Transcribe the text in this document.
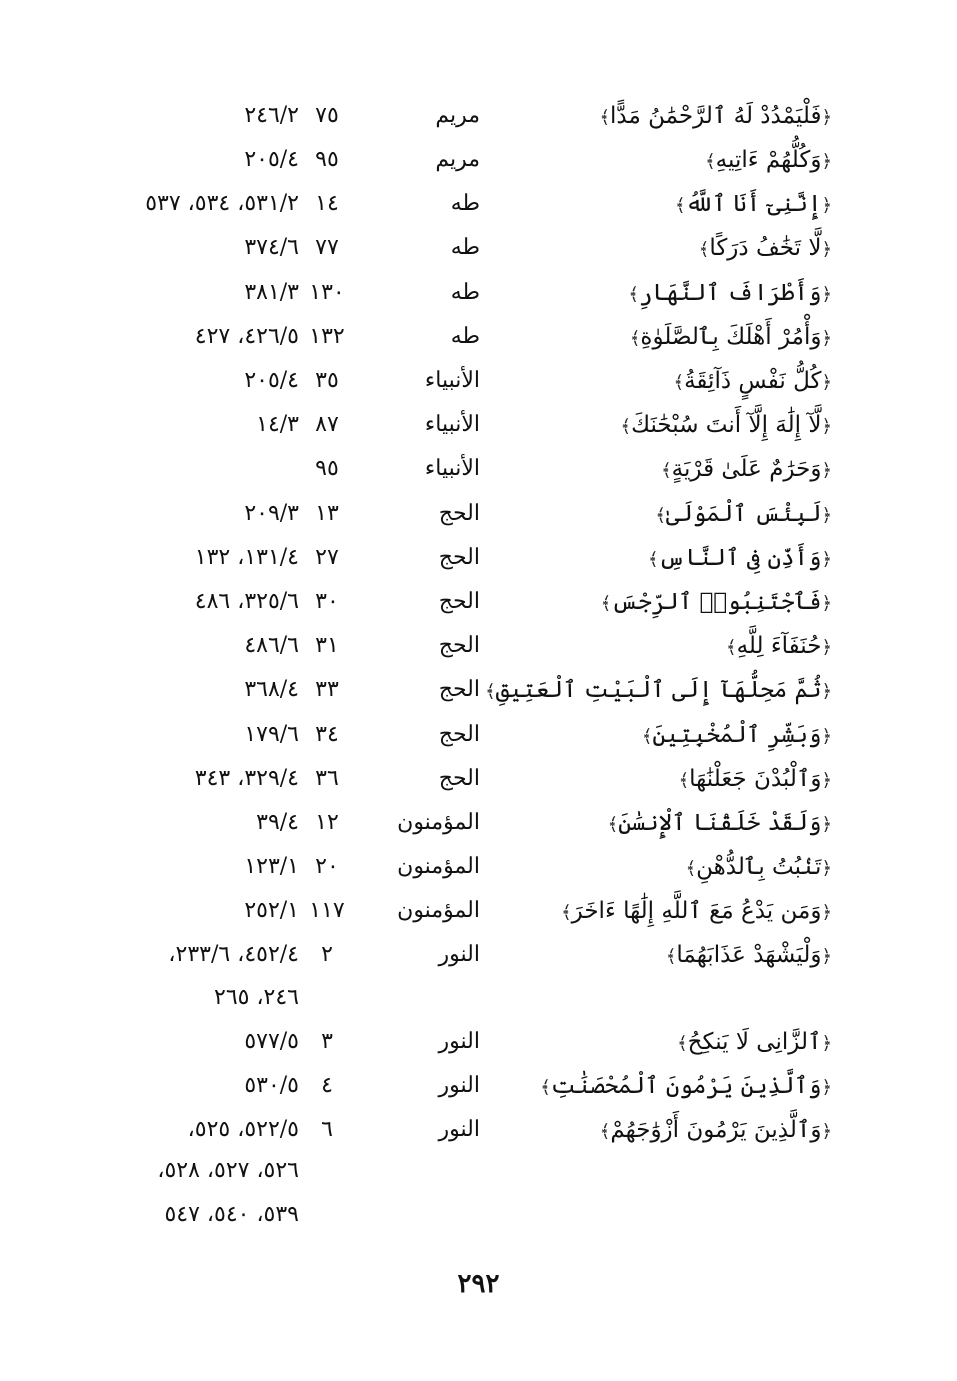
﴿فَلْيَمْدُدْ لَهُ ٱلرَّحْمَٰنُ مَدًّا﴾
مريم
٧٥
٢٤٦/٢
﴿وَكُلُّهُمْ ءَاتِيهِ﴾
مريم
٩٥
٢٠٥/٤
﴿إِنَّنِىٓ أَنَا ٱللَّهُ﴾
طه
١٤
٥٣١/٢، ٥٣٤، ٥٣٧
﴿لَّا تَخَٰفُ دَرَكًا﴾
طه
٧٧
٣٧٤/٦
﴿وَأَطْرَافَ ٱلنَّهَارِ﴾
طه
١٣٠
٣٨١/٣
﴿وَأْمُرْ أَهْلَكَ بِٱلصَّلَوٰةِ﴾
طه
١٣٢
٤٢٦/٥، ٤٢٧
﴿كُلُّ نَفْسٍ ذَآئِقَةُ﴾
الأنبياء
٣٥
٢٠٥/٤
﴿لَّآ إِلَٰهَ إِلَّآ أَنتَ سُبْحَٰنَكَ﴾
الأنبياء
٨٧
١٤/٣
﴿وَحَرَٰمٌ عَلَىٰ قَرْيَةٍ﴾
الأنبياء
٩٥
﴿لَبِئْسَ ٱلْمَوْلَىٰ﴾
الحج
١٣
٢٠٩/٣
﴿وَأَذِّن فِى ٱلنَّاسِ﴾
الحج
٢٧
١٣١/٤، ١٣٢
﴿فَٱجْتَنِبُوا۟ ٱلرِّجْسَ﴾
الحج
٣٠
٣٢٥/٦، ٤٨٦
﴿حُنَفَآءَ لِلَّهِ﴾
الحج
٣١
٤٨٦/٦
﴿ثُمَّ مَحِلُّهَآ إِلَى ٱلْبَيْتِ ٱلْعَتِيقِ﴾
الحج
٣٣
٣٦٨/٤
﴿وَبَشِّرِ ٱلْمُخْبِتِينَ﴾
الحج
٣٤
١٧٩/٦
﴿وَٱلْبُدْنَ جَعَلْنَٰهَا﴾
الحج
٣٦
٣٢٩/٤، ٣٤٣
﴿وَلَقَدْ خَلَقْنَا ٱلْإِنسَٰنَ﴾
المؤمنون
١٢
٣٩/٤
﴿تَنۢبُتُ بِٱلدُّهْنِ﴾
المؤمنون
٢٠
١٢٣/١
﴿وَمَن يَدْعُ مَعَ ٱللَّهِ إِلَٰهًا ءَاخَرَ﴾
المؤمنون
١١٧
٢٥٢/١
﴿وَلْيَشْهَدْ عَذَابَهُمَا﴾
النور
٢
٤٥٢/٤، ٢٣٣/٦،
٢٤٦، ٢٦٥
﴿ٱلزَّانِى لَا يَنكِحُ﴾
النور
٣
٥٧٧/٥
﴿وَٱلَّذِينَ يَرْمُونَ ٱلْمُحْصَنَٰتِ﴾
النور
٤
٥٣٠/٥
﴿وَٱلَّذِينَ يَرْمُونَ أَزْوَٰجَهُمْ﴾
النور
٦
٥٢٢/٥، ٥٢٥،
٥٢٦، ٥٢٧، ٥٢٨،
٥٣٩، ٥٤٠، ٥٤٧
٢٩٢
